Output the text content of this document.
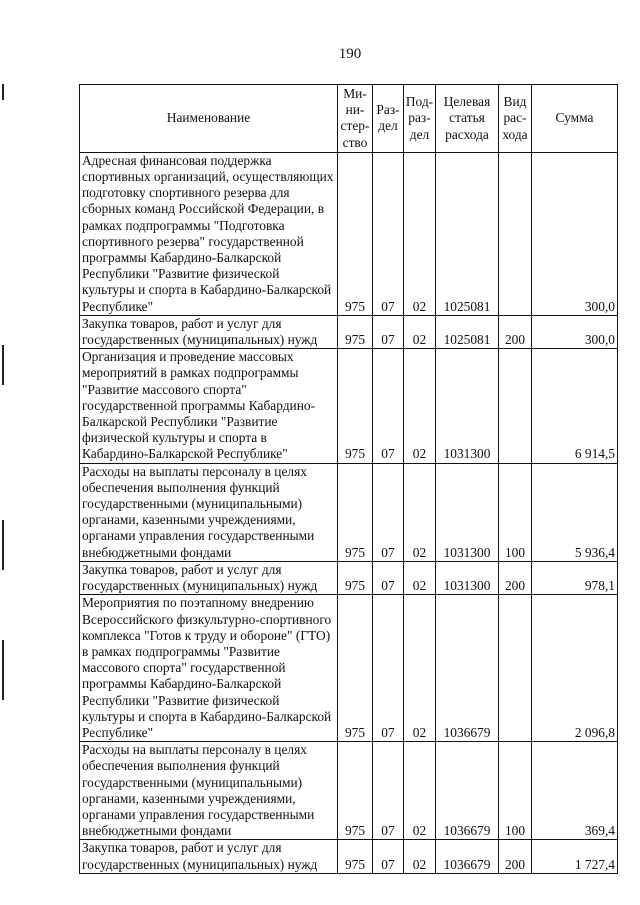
190
Наименование	Ми- ни- стер- ство	Раз- дел	Под- раз- дел	Целевая статья расхода	Вид рас- хода	Сумма

Адресная финансовая поддержка спортивных организаций, осуществляющих подготовку спортивного резерва для сборных команд Российской Федерации, в рамках подпрограммы "Подготовка спортивного резерва" государственной программы Кабардино-Балкарской Республики "Развитие физической культуры и спорта в Кабардино-Балкарской Республике"	975	07	02	1025081		300,0

Закупка товаров, работ и услуг для государственных (муниципальных) нужд	975	07	02	1025081	200	300,0

Организация и проведение массовых мероприятий в рамках подпрограммы "Развитие массового спорта" государственной программы Кабардино-Балкарской Республики "Развитие физической культуры и спорта в Кабардино-Балкарской Республике"	975	07	02	1031300		6 914,5

Расходы на выплаты персоналу в целях обеспечения выполнения функций государственными (муниципальными) органами, казенными учреждениями, органами управления государственными внебюджетными фондами	975	07	02	1031300	100	5 936,4

Закупка товаров, работ и услуг для государственных (муниципальных) нужд	975	07	02	1031300	200	978,1

Мероприятия по поэтапному внедрению Всероссийского физкультурно-спортивного комплекса "Готов к труду и обороне" (ГТО) в рамках подпрограммы "Развитие массового спорта" государственной программы Кабардино-Балкарской Республики "Развитие физической культуры и спорта в Кабардино-Балкарской Республике"	975	07	02	1036679		2 096,8

Расходы на выплаты персоналу в целях обеспечения выполнения функций государственными (муниципальными) органами, казенными учреждениями, органами управления государственными внебюджетными фондами	975	07	02	1036679	100	369,4

Закупка товаров, работ и услуг для государственных (муниципальных) нужд	975	07	02	1036679	200	1 727,4
